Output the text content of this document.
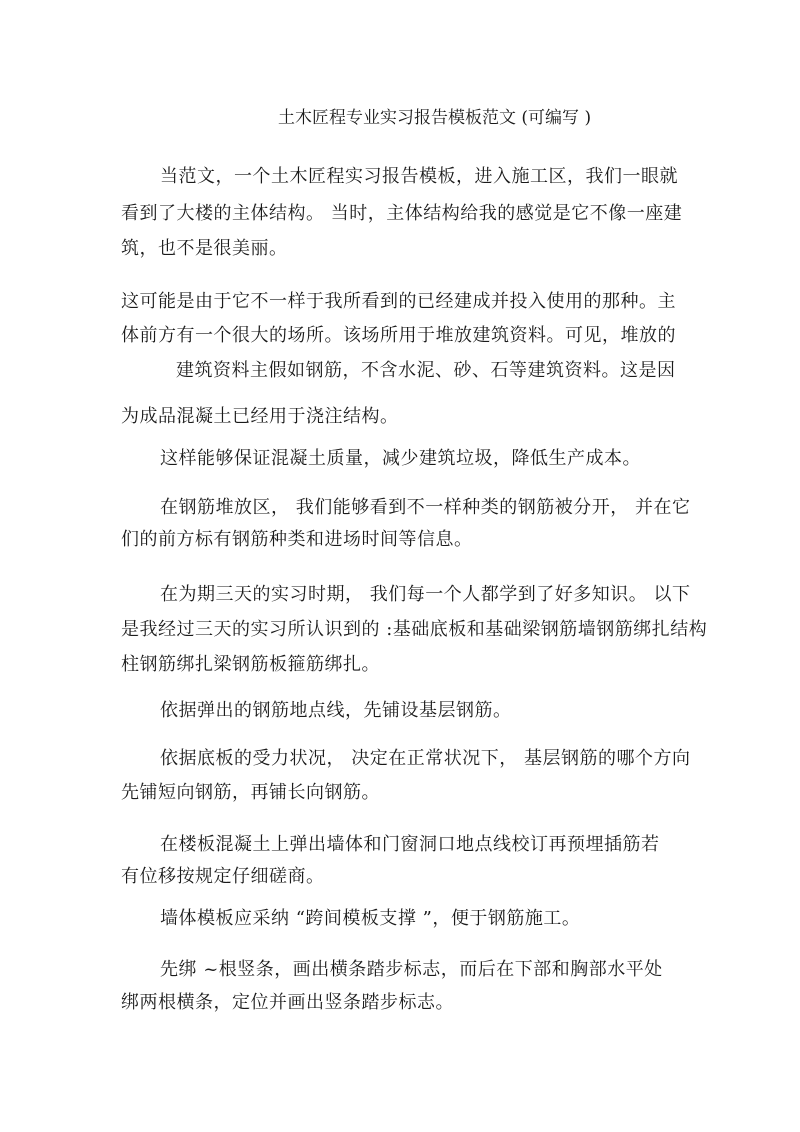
土木匠程专业实习报告模板范文 (可编写 )
当范文，一个土木匠程实习报告模板，进入施工区，我们一眼就
看到了大楼的主体结构。 当时，主体结构给我的感觉是它不像一座建
筑，也不是很美丽。
这可能是由于它不一样于我所看到的已经建成并投入使用的那种。主
体前方有一个很大的场所。该场所用于堆放建筑资料。可见，堆放的
建筑资料主假如钢筋，不含水泥、砂、石等建筑资料。这是因
为成品混凝土已经用于浇注结构。
这样能够保证混凝土质量，减少建筑垃圾，降低生产成本。
在钢筋堆放区， 我们能够看到不一样种类的钢筋被分开， 并在它
们的前方标有钢筋种类和进场时间等信息。
在为期三天的实习时期， 我们每一个人都学到了好多知识。 以下
是我经过三天的实习所认识到的 :基础底板和基础梁钢筋墙钢筋绑扎结构
柱钢筋绑扎梁钢筋板箍筋绑扎。
依据弹出的钢筋地点线，先铺设基层钢筋。
依据底板的受力状况， 决定在正常状况下， 基层钢筋的哪个方向
先铺短向钢筋，再铺长向钢筋。
在楼板混凝土上弹出墙体和门窗洞口地点线校订再预埋插筋若
有位移按规定仔细磋商。
墙体模板应采纳 “跨间模板支撑 ”，便于钢筋施工。
先绑 ~根竖条，画出横条踏步标志，而后在下部和胸部水平处
绑两根横条，定位并画出竖条踏步标志。
